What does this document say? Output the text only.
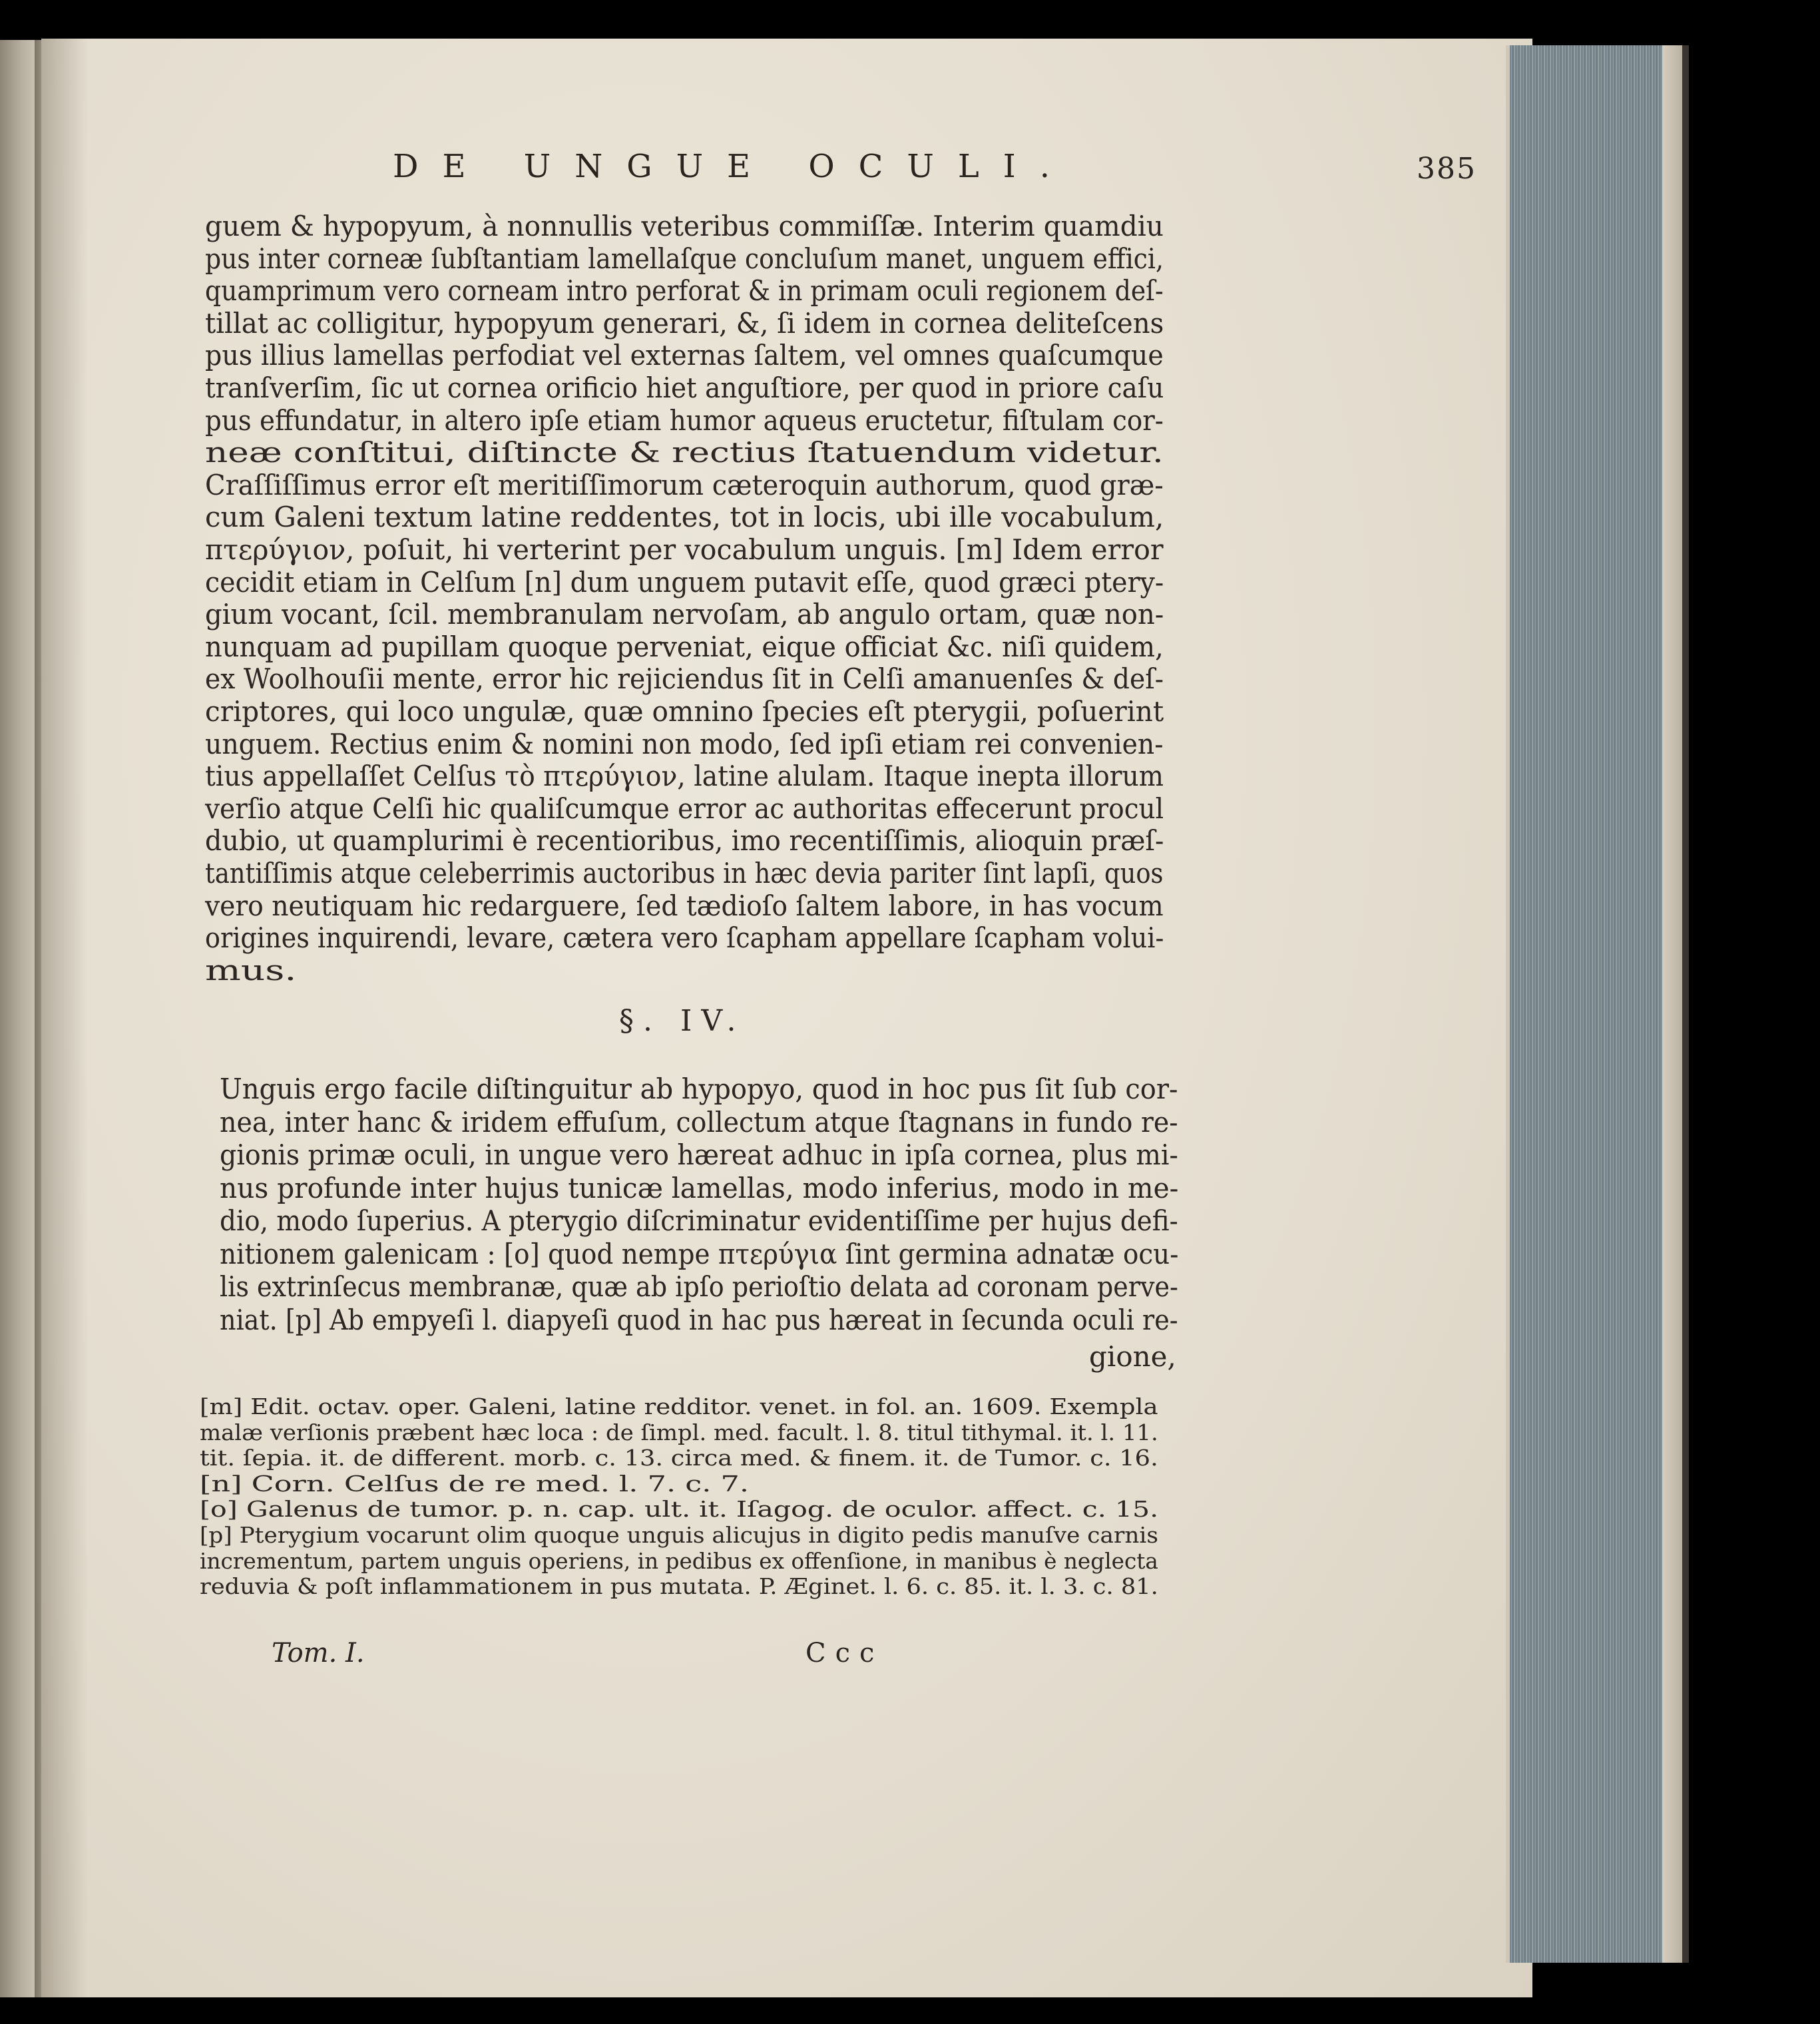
DE UNGUE OCULI.	385
guem & hypopyum, à nonnullis veteribus commiſſæ. Interim quamdiu
pus inter corneæ ſubſtantiam lamellaſque concluſum manet, unguem effici,
quamprimum vero corneam intro perforat & in primam oculi regionem deſ-
tillat ac colligitur, hypopyum generari, &, ſi idem in cornea deliteſcens
pus illius lamellas perfodiat vel externas ſaltem, vel omnes quaſcumque
tranſverſim, ſic ut cornea orificio hiet anguſtiore, per quod in priore caſu
pus effundatur, in altero ipſe etiam humor aqueus eructetur, fiſtulam cor-
neæ conſtitui, diſtincte & rectius ſtatuendum videtur.
Craſſiſſimus error eſt meritiſſimorum cæteroquin authorum, quod græ-
cum Galeni textum latine reddentes, tot in locis, ubi ille vocabulum,
πτερύγιον, poſuit, hi verterint per vocabulum unguis. [m] Idem error
cecidit etiam in Celſum [n] dum unguem putavit eſſe, quod græci ptery-
gium vocant, ſcil. membranulam nervoſam, ab angulo ortam, quæ non-
nunquam ad pupillam quoque perveniat, eique officiat &c. niſi quidem,
ex Woolhouſii mente, error hic rejiciendus ſit in Celſi amanuenſes & deſ-
criptores, qui loco ungulæ, quæ omnino ſpecies eſt pterygii, poſuerint
unguem. Rectius enim & nomini non modo, ſed ipſi etiam rei convenien-
tius appellaſſet Celſus τὸ πτερύγιον, latine alulam. Itaque inepta illorum
verſio atque Celſi hic qualiſcumque error ac authoritas effecerunt procul
dubio, ut quamplurimi è recentioribus, imo recentiſſimis, alioquin præſ-
tantiſſimis atque celeberrimis auctoribus in hæc devia pariter ſint lapſi, quos
vero neutiquam hic redarguere, ſed tædioſo ſaltem labore, in has vocum
origines inquirendi, levare, cætera vero ſcapham appellare ſcapham volui-
mus.
§. IV.
Unguis ergo facile diſtinguitur ab hypopyo, quod in hoc pus ſit ſub cor-
nea, inter hanc & iridem effuſum, collectum atque ſtagnans in fundo re-
gionis primæ oculi, in ungue vero hæreat adhuc in ipſa cornea, plus mi-
nus profunde inter hujus tunicæ lamellas, modo inferius, modo in me-
dio, modo ſuperius. A pterygio diſcriminatur evidentiſſime per hujus defi-
nitionem galenicam : [o] quod nempe πτερύγια ſint germina adnatæ ocu-
lis extrinſecus membranæ, quæ ab ipſo perioſtio delata ad coronam perve-
niat. [p] Ab empyeſi l. diapyeſi quod in hac pus hæreat in ſecunda oculi re-
gione,
[m] Edit. octav. oper. Galeni, latine redditor. venet. in fol. an. 1609. Exempla
malæ verſionis præbent hæc loca : de ſimpl. med. facult. l. 8. titul tithymal. it. l. 11.
tit. ſepia. it. de different. morb. c. 13. circa med. & finem. it. de Tumor. c. 16.
[n] Corn. Celſus de re med. l. 7. c. 7.
[o] Galenus de tumor. p. n. cap. ult. it. Iſagog. de oculor. affect. c. 15.
[p] Pterygium vocarunt olim quoque unguis alicujus in digito pedis manuſve carnis
incrementum, partem unguis operiens, in pedibus ex offenſione, in manibus è neglecta
reduvia & poſt inflammationem in pus mutata. P. Æginet. l. 6. c. 85. it. l. 3. c. 81.
Tom. I.	Ccc
